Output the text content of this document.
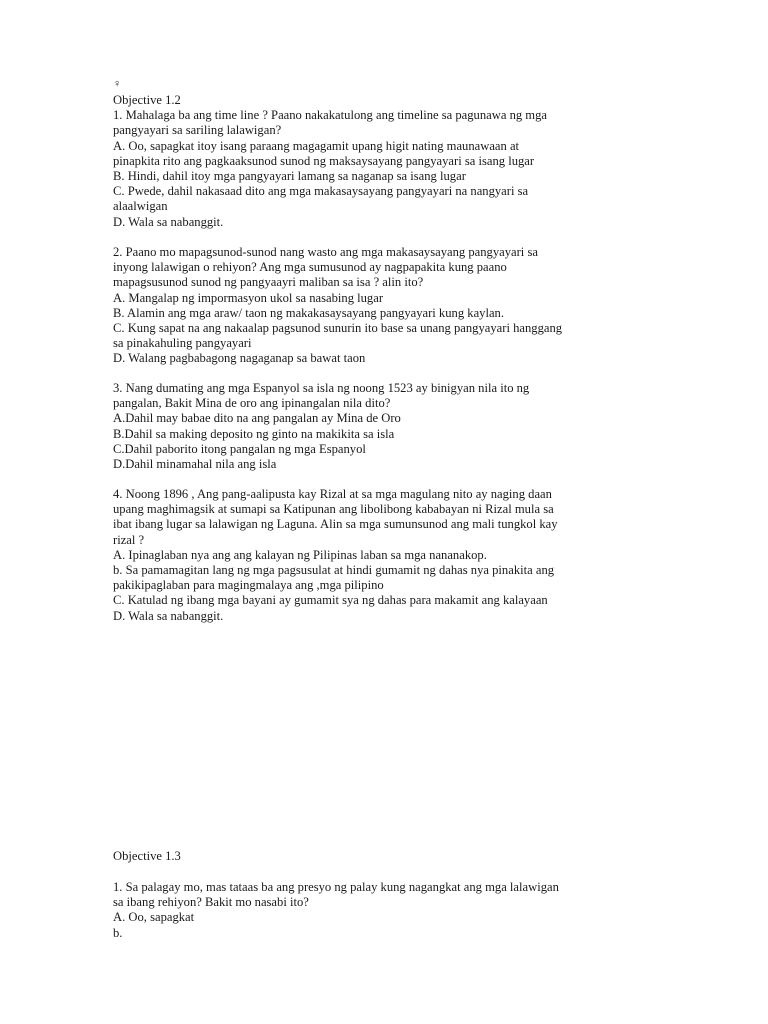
♀

Objective 1.2

1. Mahalaga ba ang time line ? Paano nakakatulong ang timeline sa pagunawa ng mga

pangyayari sa sariling lalawigan?

A. Oo, sapagkat itoy isang paraang magagamit upang higit nating maunawaan at

pinapkita rito ang pagkaaksunod sunod ng maksaysayang pangyayari sa isang lugar

B. Hindi, dahil itoy mga pangyayari lamang sa naganap sa isang lugar

C. Pwede, dahil nakasaad dito ang mga makasaysayang pangyayari na nangyari sa

alaalwigan

D. Wala sa nabanggit.

2. Paano mo mapagsunod-sunod nang wasto ang mga makasaysayang pangyayari sa

inyong lalawigan o rehiyon? Ang mga sumusunod ay nagpapakita kung paano

mapagsusunod sunod ng pangyaayri maliban sa isa ? alin ito?

A. Mangalap ng impormasyon ukol sa nasabing lugar

B. Alamin ang mga araw/ taon ng makakasaysayang pangyayari kung kaylan.

C. Kung sapat na ang nakaalap pagsunod sunurin ito base sa unang pangyayari hanggang

sa pinakahuling pangyayari

D. Walang pagbabagong nagaganap sa bawat taon

3. Nang dumating ang mga Espanyol sa isla ng noong 1523 ay binigyan nila ito ng

pangalan, Bakit Mina de oro ang ipinangalan nila dito?

A.Dahil may babae dito na ang pangalan ay Mina de Oro

B.Dahil sa making deposito ng ginto na makikita sa isla

C.Dahil paborito itong pangalan ng mga Espanyol

D.Dahil minamahal nila ang isla

4. Noong 1896 , Ang pang-aalipusta kay Rizal at sa mga magulang nito ay naging daan

upang maghimagsik at sumapi sa Katipunan ang libolibong kababayan ni Rizal mula sa

ibat ibang lugar sa lalawigan ng Laguna. Alin sa mga sumunsunod ang mali tungkol kay

rizal ?

A. Ipinaglaban nya ang ang kalayan ng Pilipinas laban sa mga nananakop.

b. Sa pamamagitan lang ng mga pagsusulat at hindi gumamit ng dahas nya pinakita ang

pakikipaglaban para magingmalaya ang ,mga pilipino

C. Katulad ng ibang mga bayani ay gumamit sya ng dahas para makamit ang kalayaan

D. Wala sa nabanggit.

Objective 1.3

1. Sa palagay mo, mas tataas ba ang presyo ng palay kung nagangkat ang mga lalawigan

sa ibang rehiyon? Bakit mo nasabi ito?

A. Oo, sapagkat

b.
